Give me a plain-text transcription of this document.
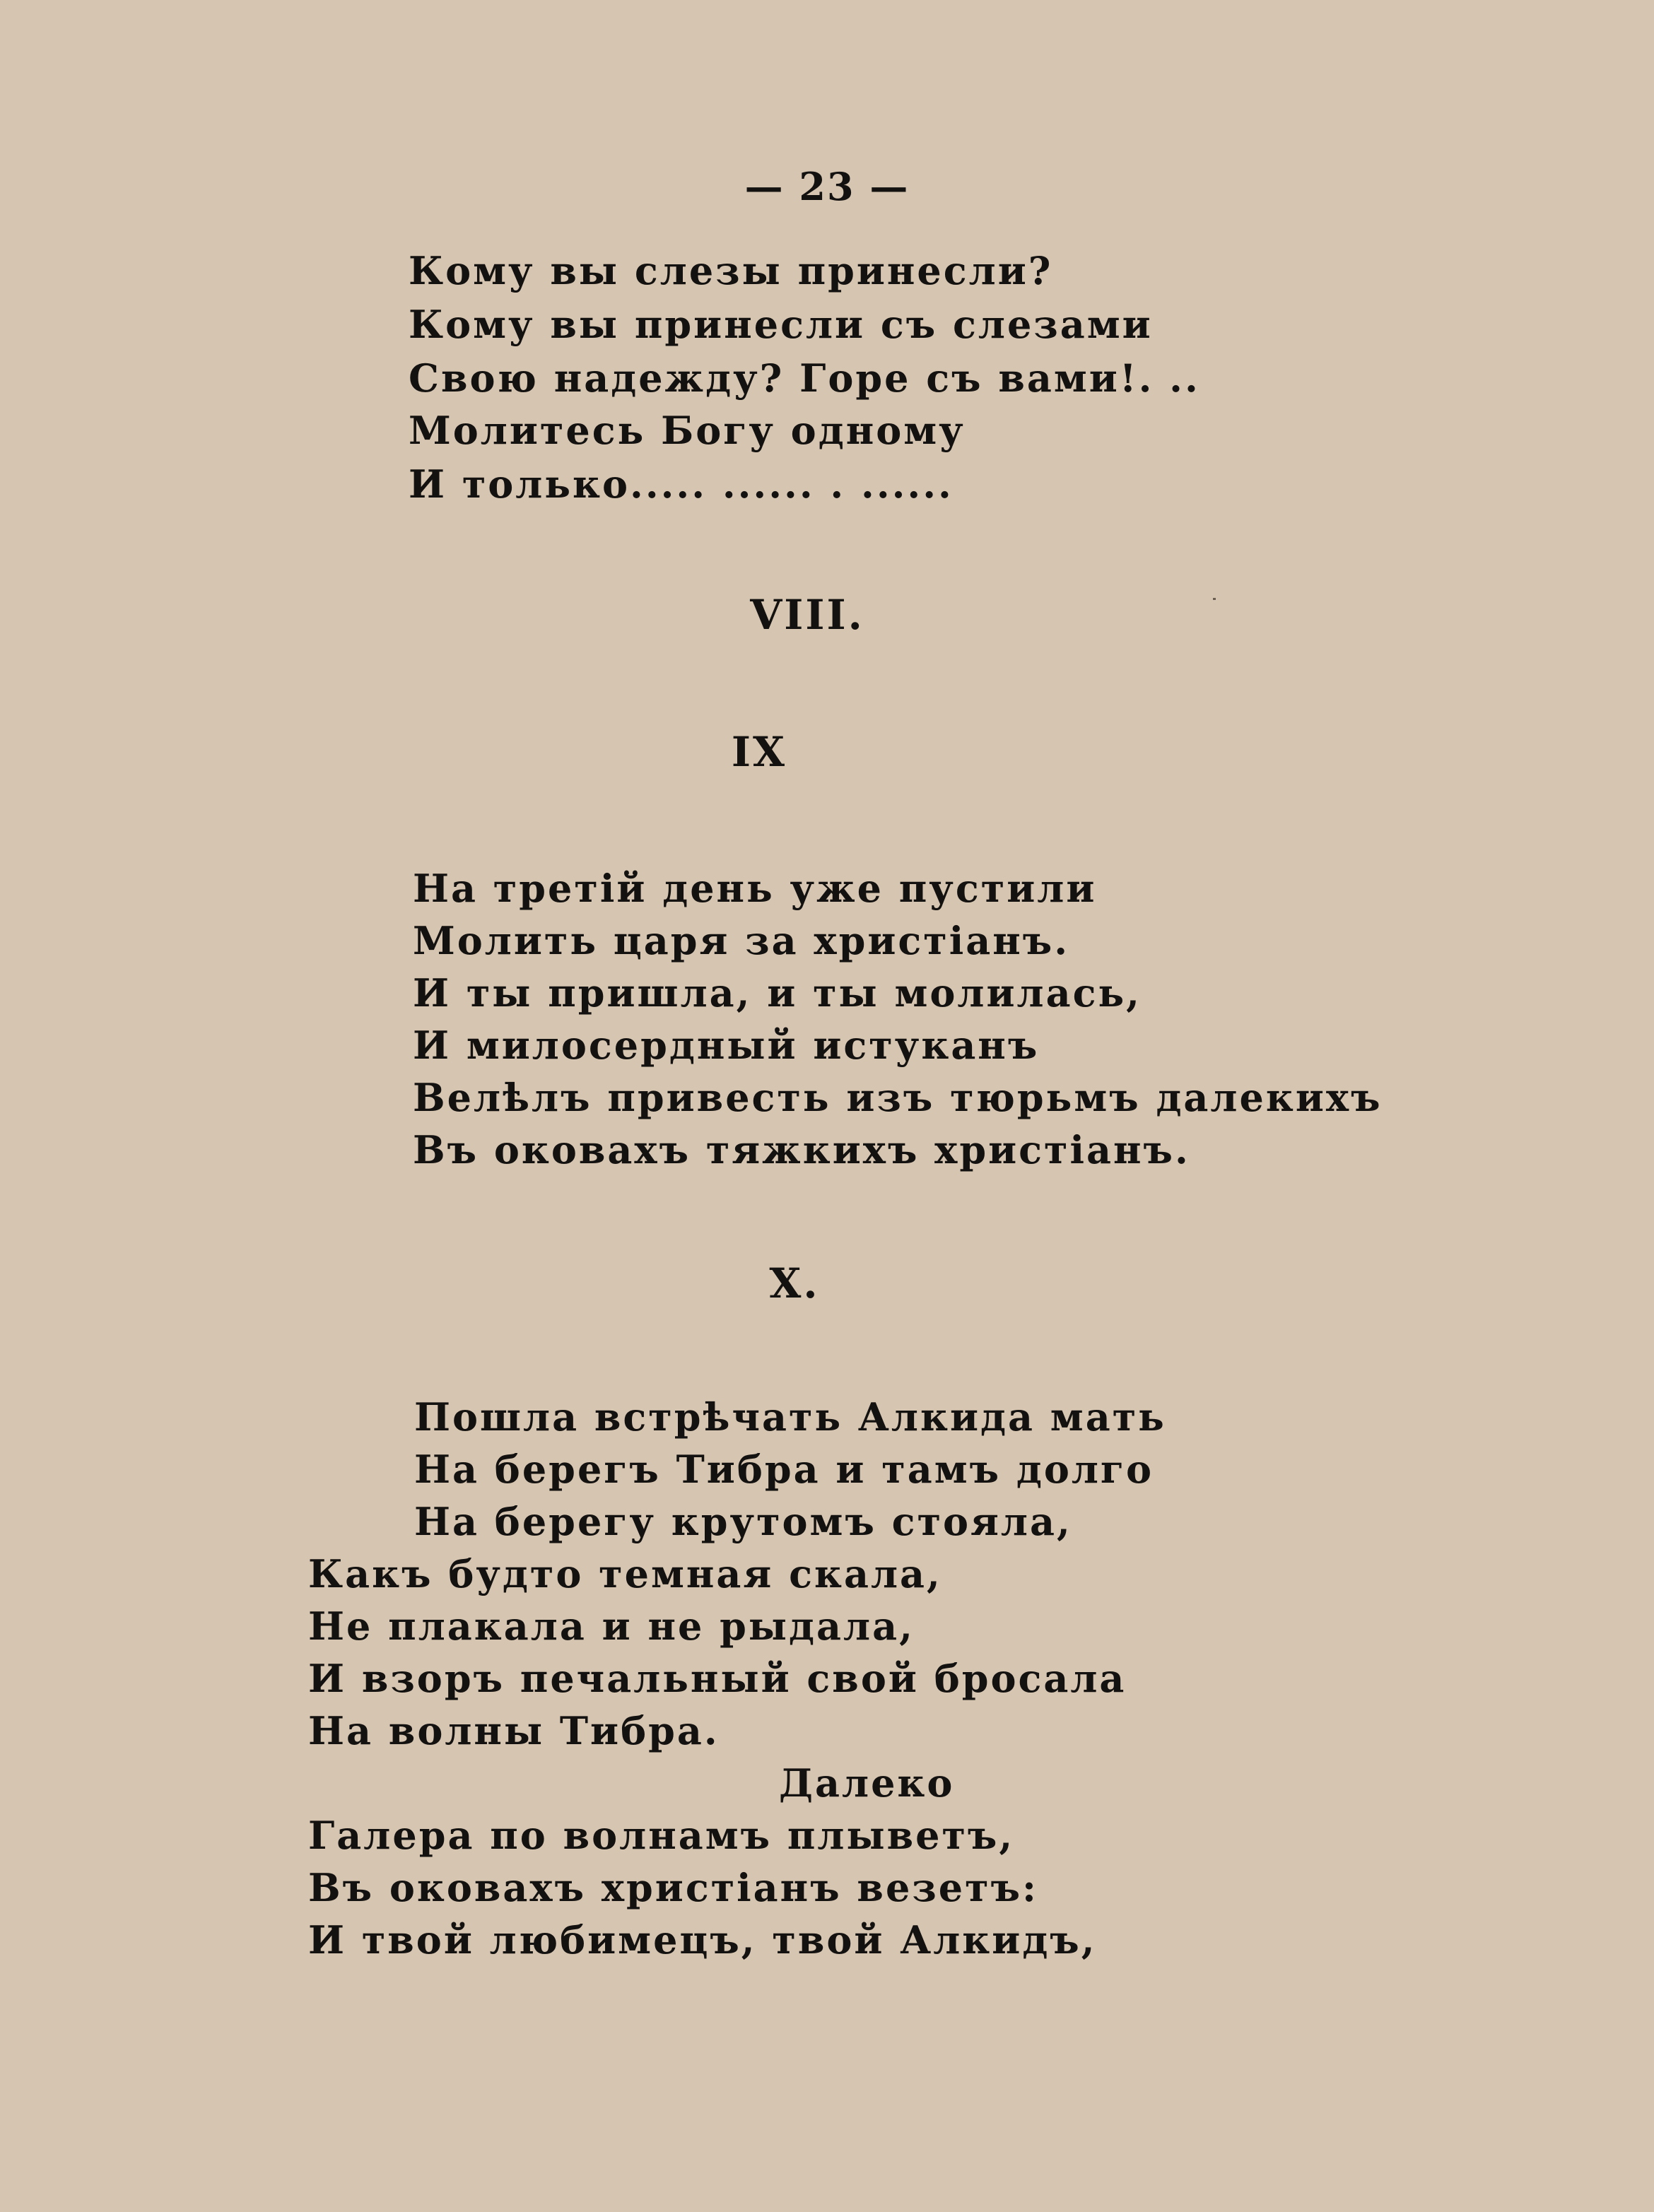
— 23 —
Кому вы слезы принесли?
Кому вы принесли съ слезами
Свою надежду? Горе съ вами!. ..
Молитесь Богу одному
И только..... ...... . ......
VIII.
IX
На третій день уже пустили
Молить царя за христіанъ.
И ты пришла, и ты молилась,
И милосердный истуканъ
Велѣлъ привесть изъ тюрьмъ далекихъ
Въ оковахъ тяжкихъ христіанъ.
X.
Пошла встрѣчать Алкида мать
На берегъ Тибра и тамъ долго
На берегу крутомъ стояла,
Какъ будто темная скала,
Не плакала и не рыдала,
И взоръ печальный свой бросала
На волны Тибра.
Далеко
Галера по волнамъ плыветъ,
Въ оковахъ христіанъ везетъ:
И твой любимецъ, твой Алкидъ,
